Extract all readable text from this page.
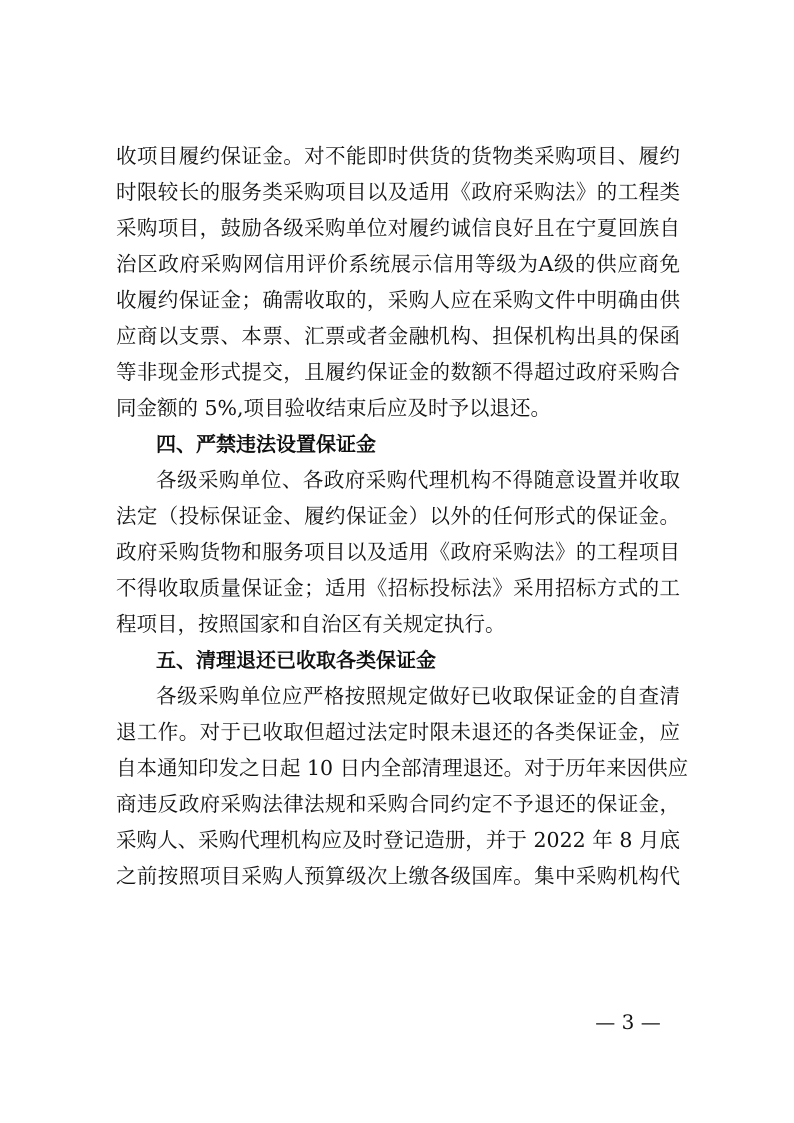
收项目履约保证金。对不能即时供货的货物类采购项目、履约
时限较长的服务类采购项目以及适用《政府采购法》的工程类
采购项目，鼓励各级采购单位对履约诚信良好且在宁夏回族自
治区政府采购网信用评价系统展示信用等级为A级的供应商免
收履约保证金；确需收取的，采购人应在采购文件中明确由供
应商以支票、本票、汇票或者金融机构、担保机构出具的保函
等非现金形式提交，且履约保证金的数额不得超过政府采购合
同金额的 5%,项目验收结束后应及时予以退还。
四、严禁违法设置保证金
各级采购单位、各政府采购代理机构不得随意设置并收取
法定（投标保证金、履约保证金）以外的任何形式的保证金。
政府采购货物和服务项目以及适用《政府采购法》的工程项目
不得收取质量保证金；适用《招标投标法》采用招标方式的工
程项目，按照国家和自治区有关规定执行。
五、清理退还已收取各类保证金
各级采购单位应严格按照规定做好已收取保证金的自查清
退工作。对于已收取但超过法定时限未退还的各类保证金，应
自本通知印发之日起 10 日内全部清理退还。对于历年来因供应
商违反政府采购法律法规和采购合同约定不予退还的保证金，
采购人、采购代理机构应及时登记造册，并于 2022 年 8 月底
之前按照项目采购人预算级次上缴各级国库。集中采购机构代
— 3 —
